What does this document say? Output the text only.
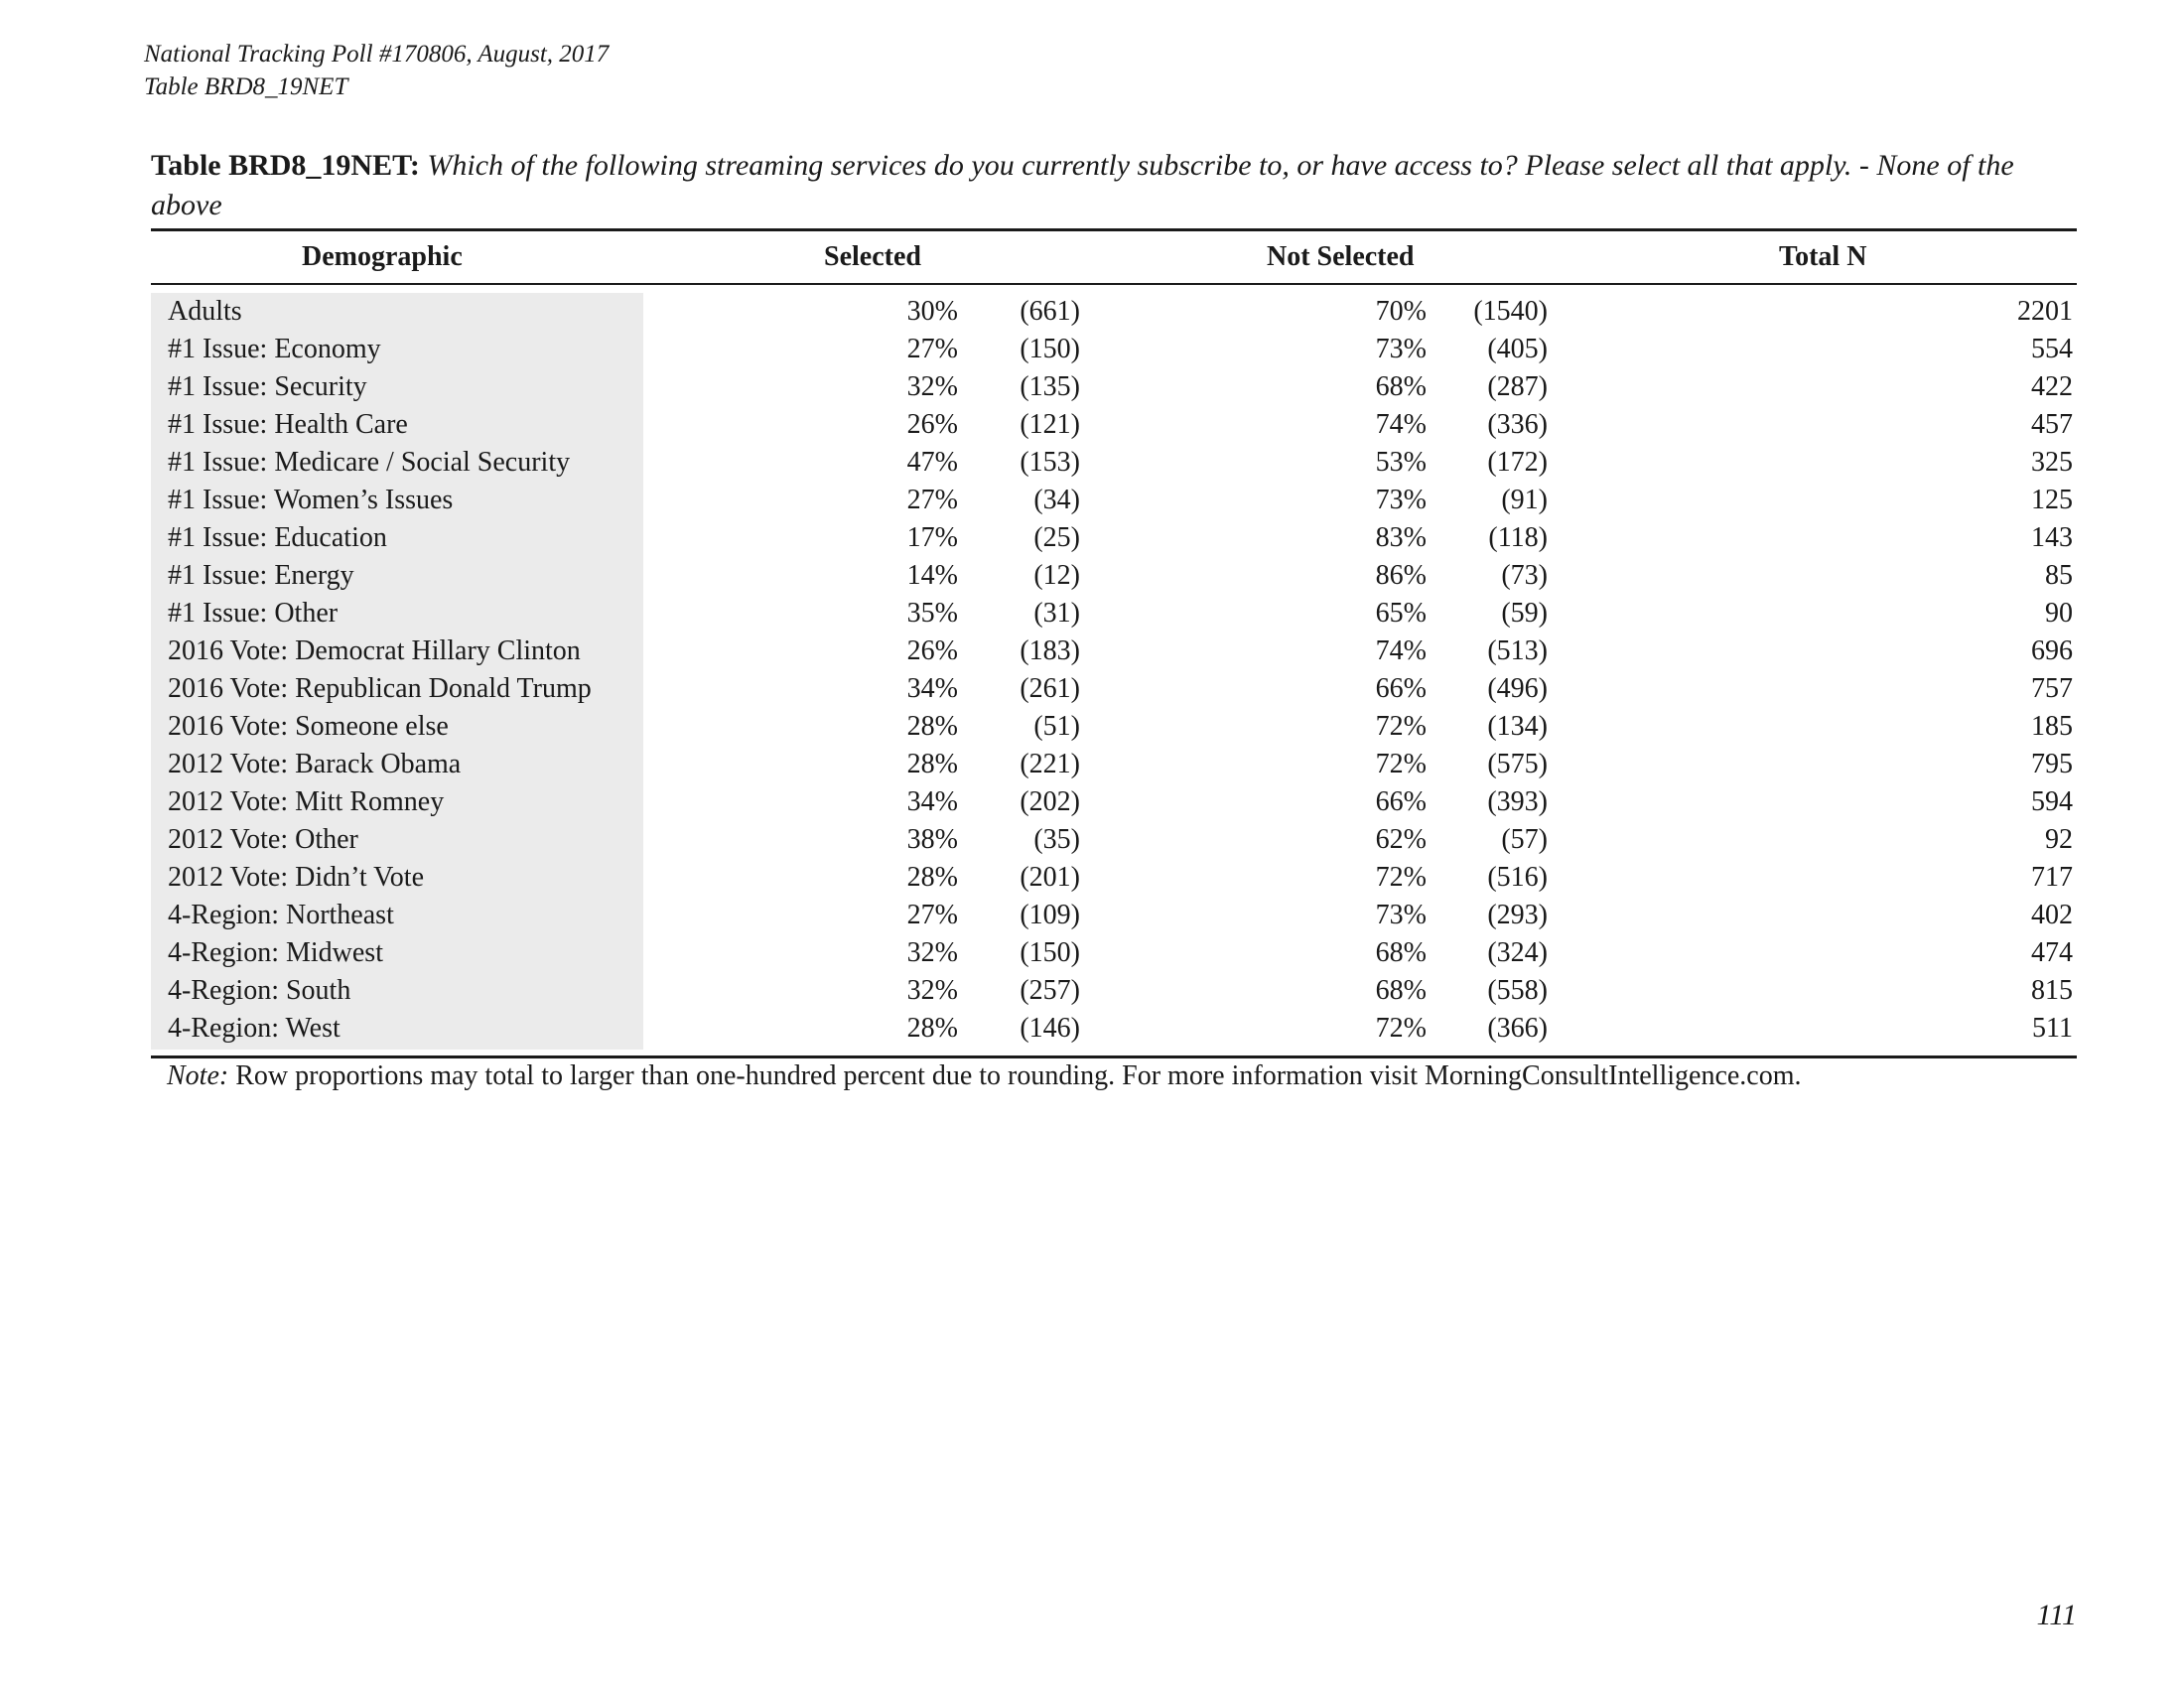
National Tracking Poll #170806, August, 2017
Table BRD8_19NET
Table BRD8_19NET: Which of the following streaming services do you currently subscribe to, or have access to? Please select all that apply. - None of the above
Demographic	Selected	Not Selected	Total N
Adults	30% (661)	70% (1540)	2201
#1 Issue: Economy	27% (150)	73% (405)	554
#1 Issue: Security	32% (135)	68% (287)	422
#1 Issue: Health Care	26% (121)	74% (336)	457
#1 Issue: Medicare / Social Security	47% (153)	53% (172)	325
#1 Issue: Women’s Issues	27%	(34)	73%	(91)	125
#1 Issue: Education	17%	(25)	83% (118)	143
#1 Issue: Energy	14%	(12)	86%	(73)	85
#1 Issue: Other	35%	(31)	65%	(59)	90
2016 Vote: Democrat Hillary Clinton	26% (183)	74% (513)	696
2016 Vote: Republican Donald Trump	34% (261)	66% (496)	757
2016 Vote: Someone else	28%	(51)	72% (134)	185
2012 Vote: Barack Obama	28% (221)	72% (575)	795
2012 Vote: Mitt Romney	34% (202)	66% (393)	594
2012 Vote: Other	38%	(35)	62%	(57)	92
2012 Vote: Didn’t Vote	28% (201)	72% (516)	717
4-Region: Northeast	27% (109)	73% (293)	402
4-Region: Midwest	32% (150)	68% (324)	474
4-Region: South	32% (257)	68% (558)	815
4-Region: West	28% (146)	72% (366)	511
Note: Row proportions may total to larger than one-hundred percent due to rounding. For more information visit MorningConsultIntelligence.com.
111
